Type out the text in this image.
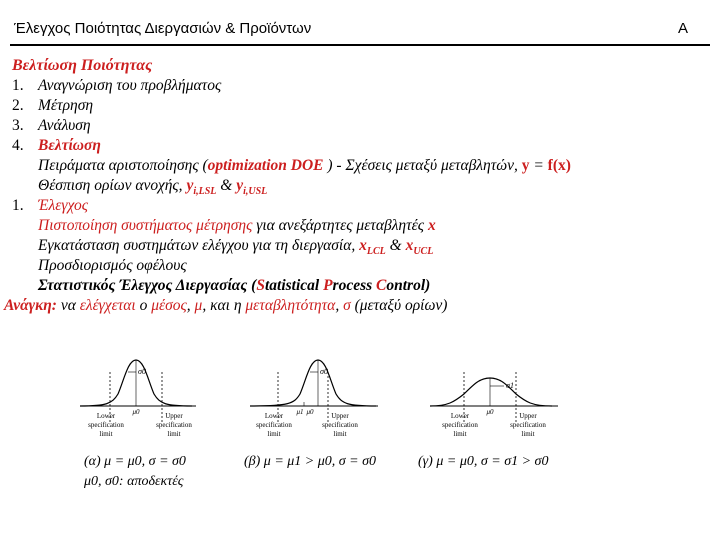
Έλεγχος Ποιότητας Διεργασιών & Προϊόντων	A
Βελτίωση Ποιότητας
1. Αναγνώριση του προβλήματος
2. Μέτρηση
3. Ανάλυση
4. Βελτίωση
Πειράματα αριστοποίησης (optimization DOE ) - Σχέσεις μεταξύ μεταβλητών, y = f(x)
Θέσπιση ορίων ανοχής, $y_{i,LSL}$ & $y_{i,USL}$
1. Έλεγχος
Πιστοποίηση συστήματος μέτρησης για ανεξάρτητες μεταβλητές x
Εγκατάσταση συστημάτων ελέγχου για τη διεργασία, $x_{LCL}$ & $x_{UCL}$
Προσδιορισμός οφέλους
Στατιστικός Έλεγχος Διεργασίας (Statistical Process Control)
Ανάγκη: να ελέγχεται ο μέσος, μ, και η μεταβλητότητα, σ (μεταξύ ορίων)
σ0
μ0
Lower
specification
limit
Upper
specification
limit
σ0
μ1 μ0
Lower
specification
limit
Upper
specification
limit
σ1
μ0
Lower
specification
limit
Upper
specification
limit
(α) μ = μ0, σ = σ0	(β) μ = μ1 > μ0, σ = σ0	(γ) μ = μ0, σ = σ1 > σ0
μ0, σ0: αποδεκτές
